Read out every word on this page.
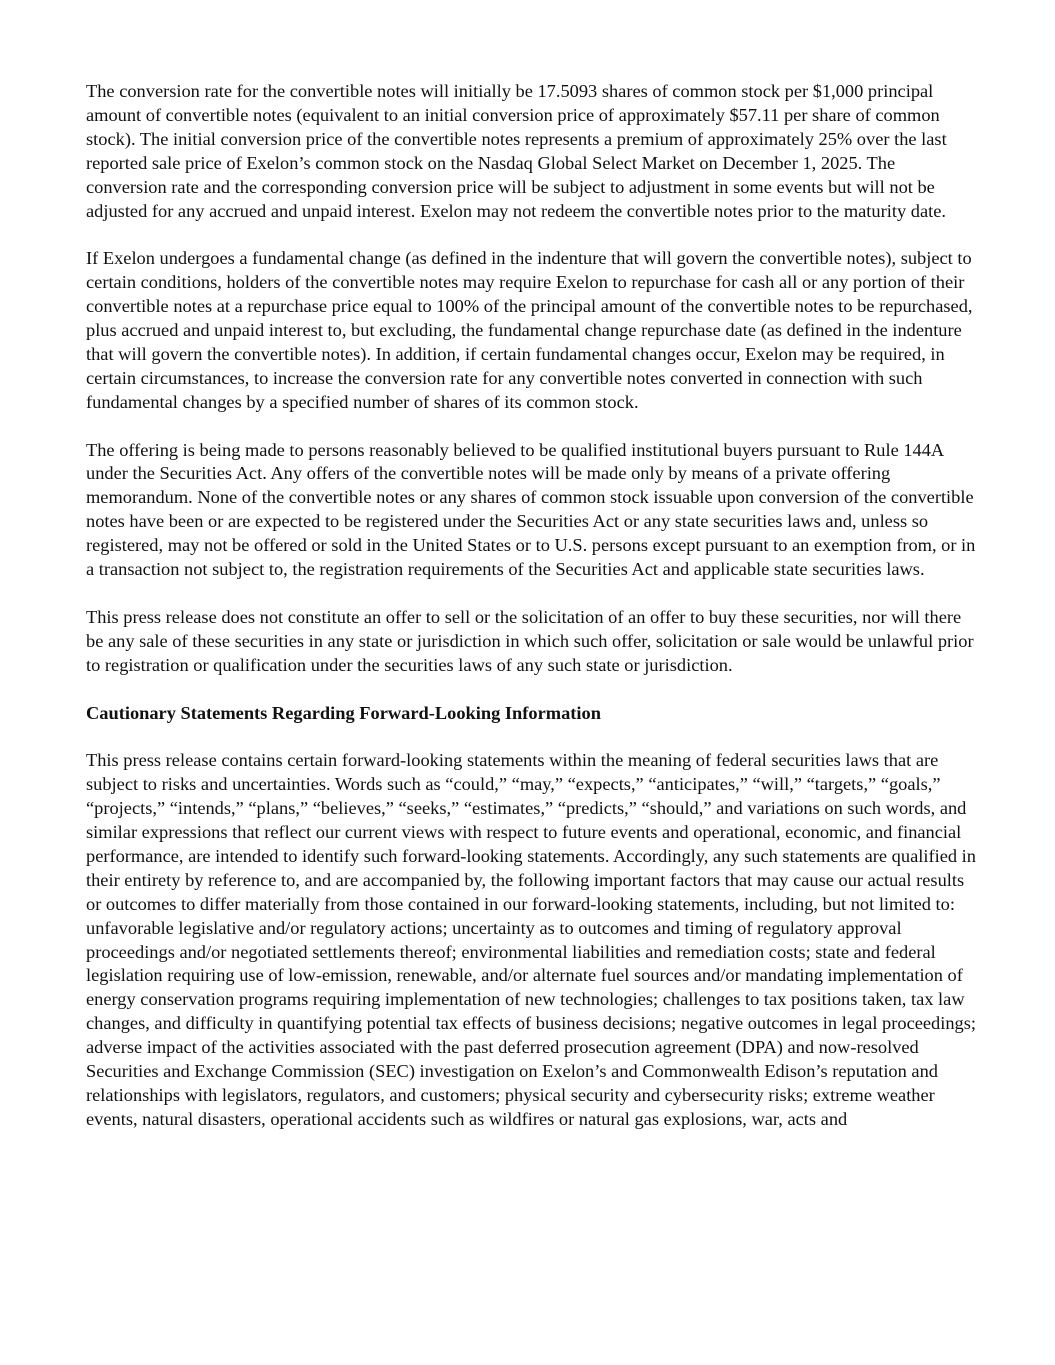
The conversion rate for the convertible notes will initially be 17.5093 shares of common stock per $1,000 principal amount of convertible notes (equivalent to an initial conversion price of approximately $57.11 per share of common stock). The initial conversion price of the convertible notes represents a premium of approximately 25% over the last reported sale price of Exelon’s common stock on the Nasdaq Global Select Market on December 1, 2025. The conversion rate and the corresponding conversion price will be subject to adjustment in some events but will not be adjusted for any accrued and unpaid interest. Exelon may not redeem the convertible notes prior to the maturity date.

If Exelon undergoes a fundamental change (as defined in the indenture that will govern the convertible notes), subject to certain conditions, holders of the convertible notes may require Exelon to repurchase for cash all or any portion of their convertible notes at a repurchase price equal to 100% of the principal amount of the convertible notes to be repurchased, plus accrued and unpaid interest to, but excluding, the fundamental change repurchase date (as defined in the indenture that will govern the convertible notes). In addition, if certain fundamental changes occur, Exelon may be required, in certain circumstances, to increase the conversion rate for any convertible notes converted in connection with such fundamental changes by a specified number of shares of its common stock.

The offering is being made to persons reasonably believed to be qualified institutional buyers pursuant to Rule 144A under the Securities Act. Any offers of the convertible notes will be made only by means of a private offering memorandum. None of the convertible notes or any shares of common stock issuable upon conversion of the convertible notes have been or are expected to be registered under the Securities Act or any state securities laws and, unless so registered, may not be offered or sold in the United States or to U.S. persons except pursuant to an exemption from, or in a transaction not subject to, the registration requirements of the Securities Act and applicable state securities laws.

This press release does not constitute an offer to sell or the solicitation of an offer to buy these securities, nor will there be any sale of these securities in any state or jurisdiction in which such offer, solicitation or sale would be unlawful prior to registration or qualification under the securities laws of any such state or jurisdiction.

Cautionary Statements Regarding Forward-Looking Information

This press release contains certain forward-looking statements within the meaning of federal securities laws that are subject to risks and uncertainties. Words such as “could,” “may,” “expects,” “anticipates,” “will,” “targets,” “goals,” “projects,” “intends,” “plans,” “believes,” “seeks,” “estimates,” “predicts,” “should,” and variations on such words, and similar expressions that reflect our current views with respect to future events and operational, economic, and financial performance, are intended to identify such forward-looking statements. Accordingly, any such statements are qualified in their entirety by reference to, and are accompanied by, the following important factors that may cause our actual results or outcomes to differ materially from those contained in our forward-looking statements, including, but not limited to: unfavorable legislative and/or regulatory actions; uncertainty as to outcomes and timing of regulatory approval proceedings and/or negotiated settlements thereof; environmental liabilities and remediation costs; state and federal legislation requiring use of low-emission, renewable, and/or alternate fuel sources and/or mandating implementation of energy conservation programs requiring implementation of new technologies; challenges to tax positions taken, tax law changes, and difficulty in quantifying potential tax effects of business decisions; negative outcomes in legal proceedings; adverse impact of the activities associated with the past deferred prosecution agreement (DPA) and now-resolved Securities and Exchange Commission (SEC) investigation on Exelon’s and Commonwealth Edison’s reputation and relationships with legislators, regulators, and customers; physical security and cybersecurity risks; extreme weather events, natural disasters, operational accidents such as wildfires or natural gas explosions, war, acts and
